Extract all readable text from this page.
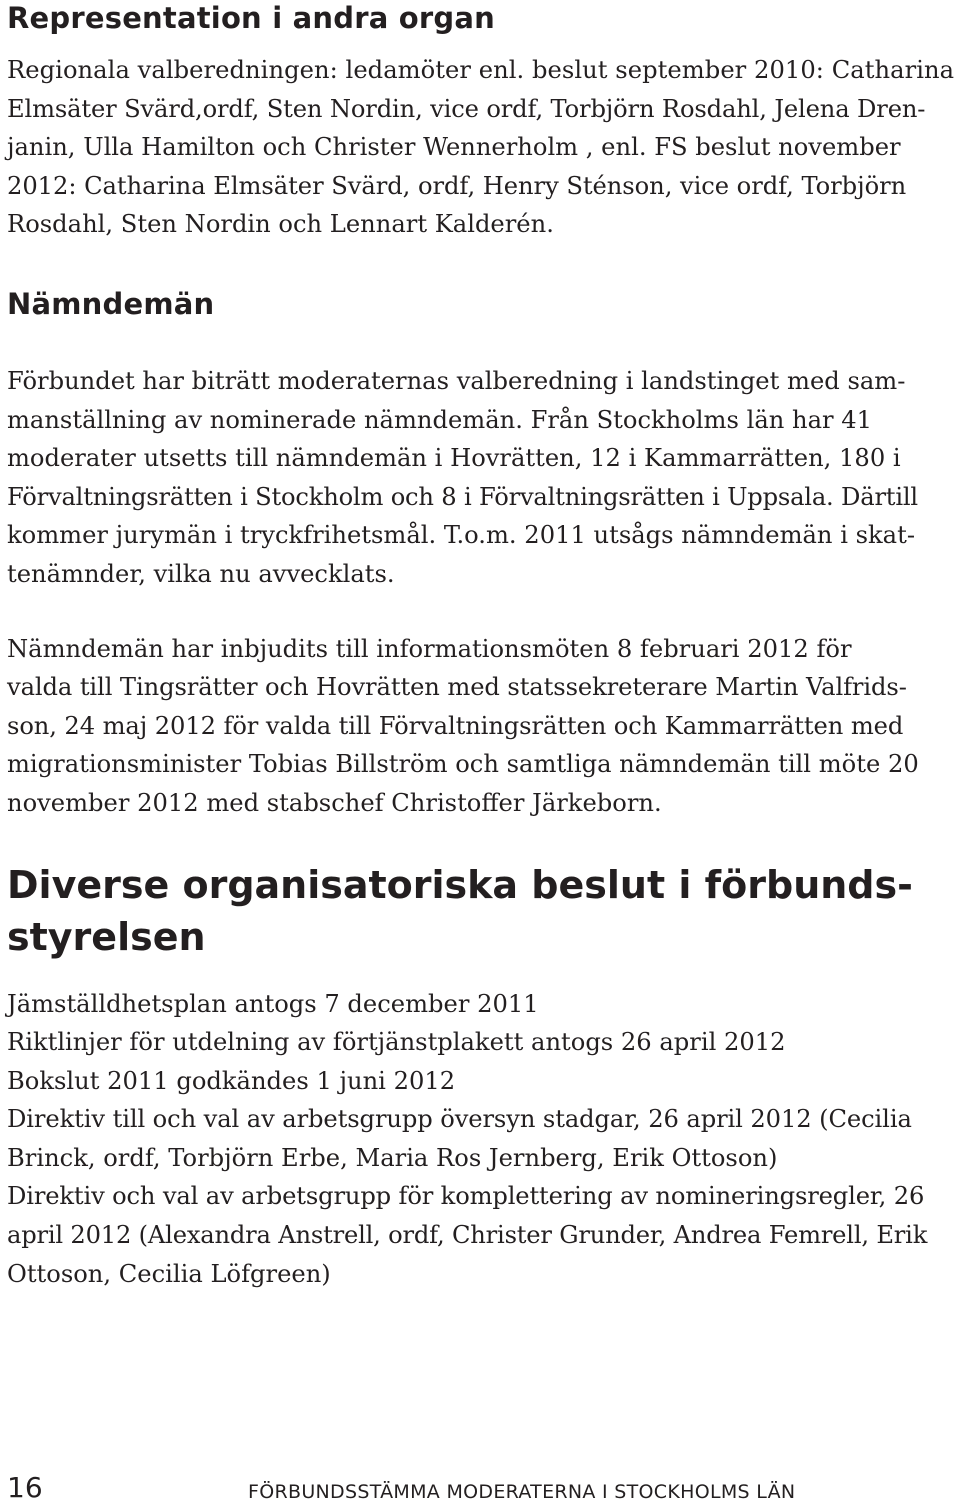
Representation i andra organ

Regionala valberedningen: ledamöter enl. beslut september 2010: Catharina
Elmsäter Svärd,ordf, Sten Nordin, vice ordf, Torbjörn Rosdahl, Jelena Dren-
janin, Ulla Hamilton och Christer Wennerholm , enl. FS beslut november
2012: Catharina Elmsäter Svärd, ordf, Henry Sténson, vice ordf, Torbjörn
Rosdahl, Sten Nordin och Lennart Kalderén.

Nämndemän

Förbundet har biträtt moderaternas valberedning i landstinget med sam-
manställning av nominerade nämndemän. Från Stockholms län har 41
moderater utsetts till nämndemän i Hovrätten, 12 i Kammarrätten, 180 i
Förvaltningsrätten i Stockholm och 8 i Förvaltningsrätten i Uppsala. Därtill
kommer jurymän i tryckfrihetsmål. T.o.m. 2011 utsågs nämndemän i skat-
tenämnder, vilka nu avvecklats.

Nämndemän har inbjudits till informationsmöten 8 februari 2012 för
valda till Tingsrätter och Hovrätten med statssekreterare Martin Valfrids-
son, 24 maj 2012 för valda till Förvaltningsrätten och Kammarrätten med
migrationsminister Tobias Billström och samtliga nämndemän till möte 20
november 2012 med stabschef Christoffer Järkeborn.

Diverse organisatoriska beslut i förbunds-
styrelsen
Jämställdhetsplan antogs 7 december 2011
Riktlinjer för utdelning av förtjänstplakett antogs 26 april 2012
Bokslut 2011 godkändes 1 juni 2012
Direktiv till och val av arbetsgrupp översyn stadgar, 26 april 2012 (Cecilia
Brinck, ordf, Torbjörn Erbe, Maria Ros Jernberg, Erik Ottoson)
Direktiv och val av arbetsgrupp för komplettering av nomineringsregler, 26
april 2012 (Alexandra Anstrell, ordf, Christer Grunder, Andrea Femrell, Erik
Ottoson, Cecilia Löfgreen)
16	FÖRBUNDSSTÄMMA MODERATERNA I STOCKHOLMS LÄN
